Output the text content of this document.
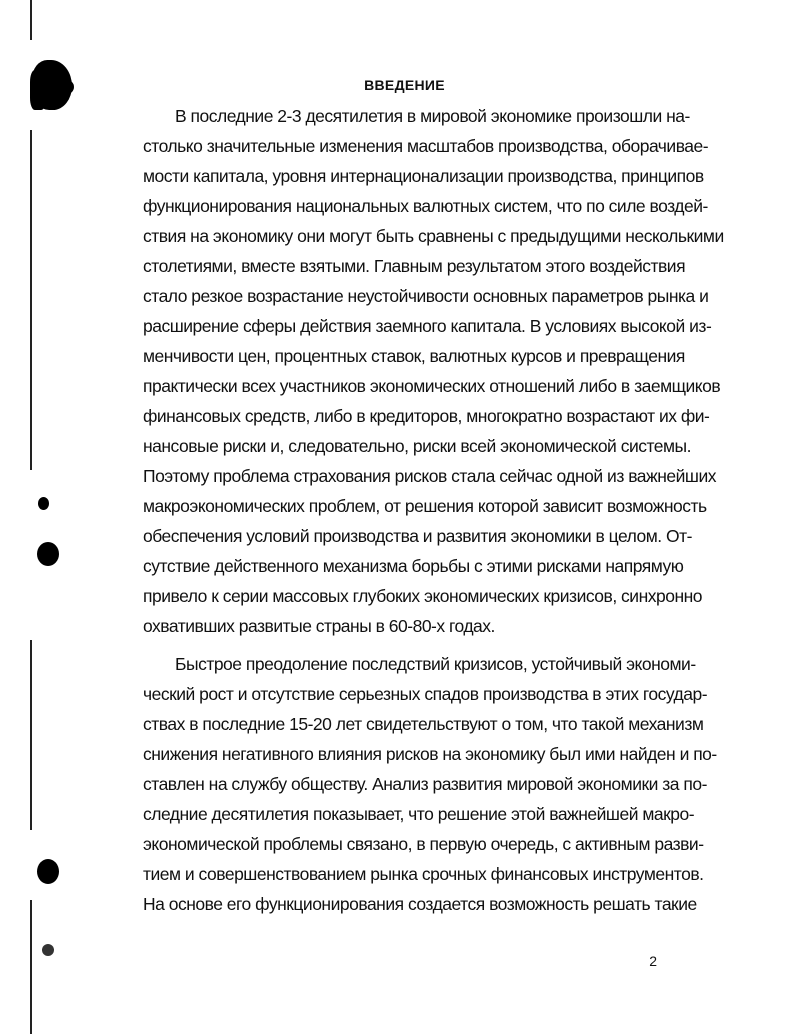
ВВЕДЕНИЕ
В последние 2-3 десятилетия в мировой экономике произошли на-
столько значительные изменения масштабов производства, оборачивае-
мости капитала, уровня интернационализации производства, принципов
функционирования национальных валютных систем, что по силе воздей-
ствия на экономику они могут быть сравнены с предыдущими несколькими
столетиями, вместе взятыми. Главным результатом этого воздействия
стало резкое возрастание неустойчивости основных параметров рынка и
расширение сферы действия заемного капитала. В условиях высокой из-
менчивости цен, процентных ставок, валютных курсов и превращения
практически всех участников экономических отношений либо в заемщиков
финансовых средств, либо в кредиторов, многократно возрастают их фи-
нансовые риски и, следовательно, риски всей экономической системы.
Поэтому проблема страхования рисков стала сейчас одной из важнейших
макроэкономических проблем, от решения которой зависит возможность
обеспечения условий производства и развития экономики в целом. От-
сутствие действенного механизма борьбы с этими рисками напрямую
привело к серии массовых глубоких экономических кризисов, синхронно
охвативших развитые страны в 60-80-х годах.
Быстрое преодоление последствий кризисов, устойчивый экономи-
ческий рост и отсутствие серьезных спадов производства в этих государ-
ствах в последние 15-20 лет свидетельствуют о том, что такой механизм
снижения негативного влияния рисков на экономику был ими найден и по-
ставлен на службу обществу. Анализ развития мировой экономики за по-
следние десятилетия показывает, что решение этой важнейшей макро-
экономической проблемы связано, в первую очередь, с активным разви-
тием и совершенствованием рынка срочных финансовых инструментов.
На основе его функционирования создается возможность решать такие
2
